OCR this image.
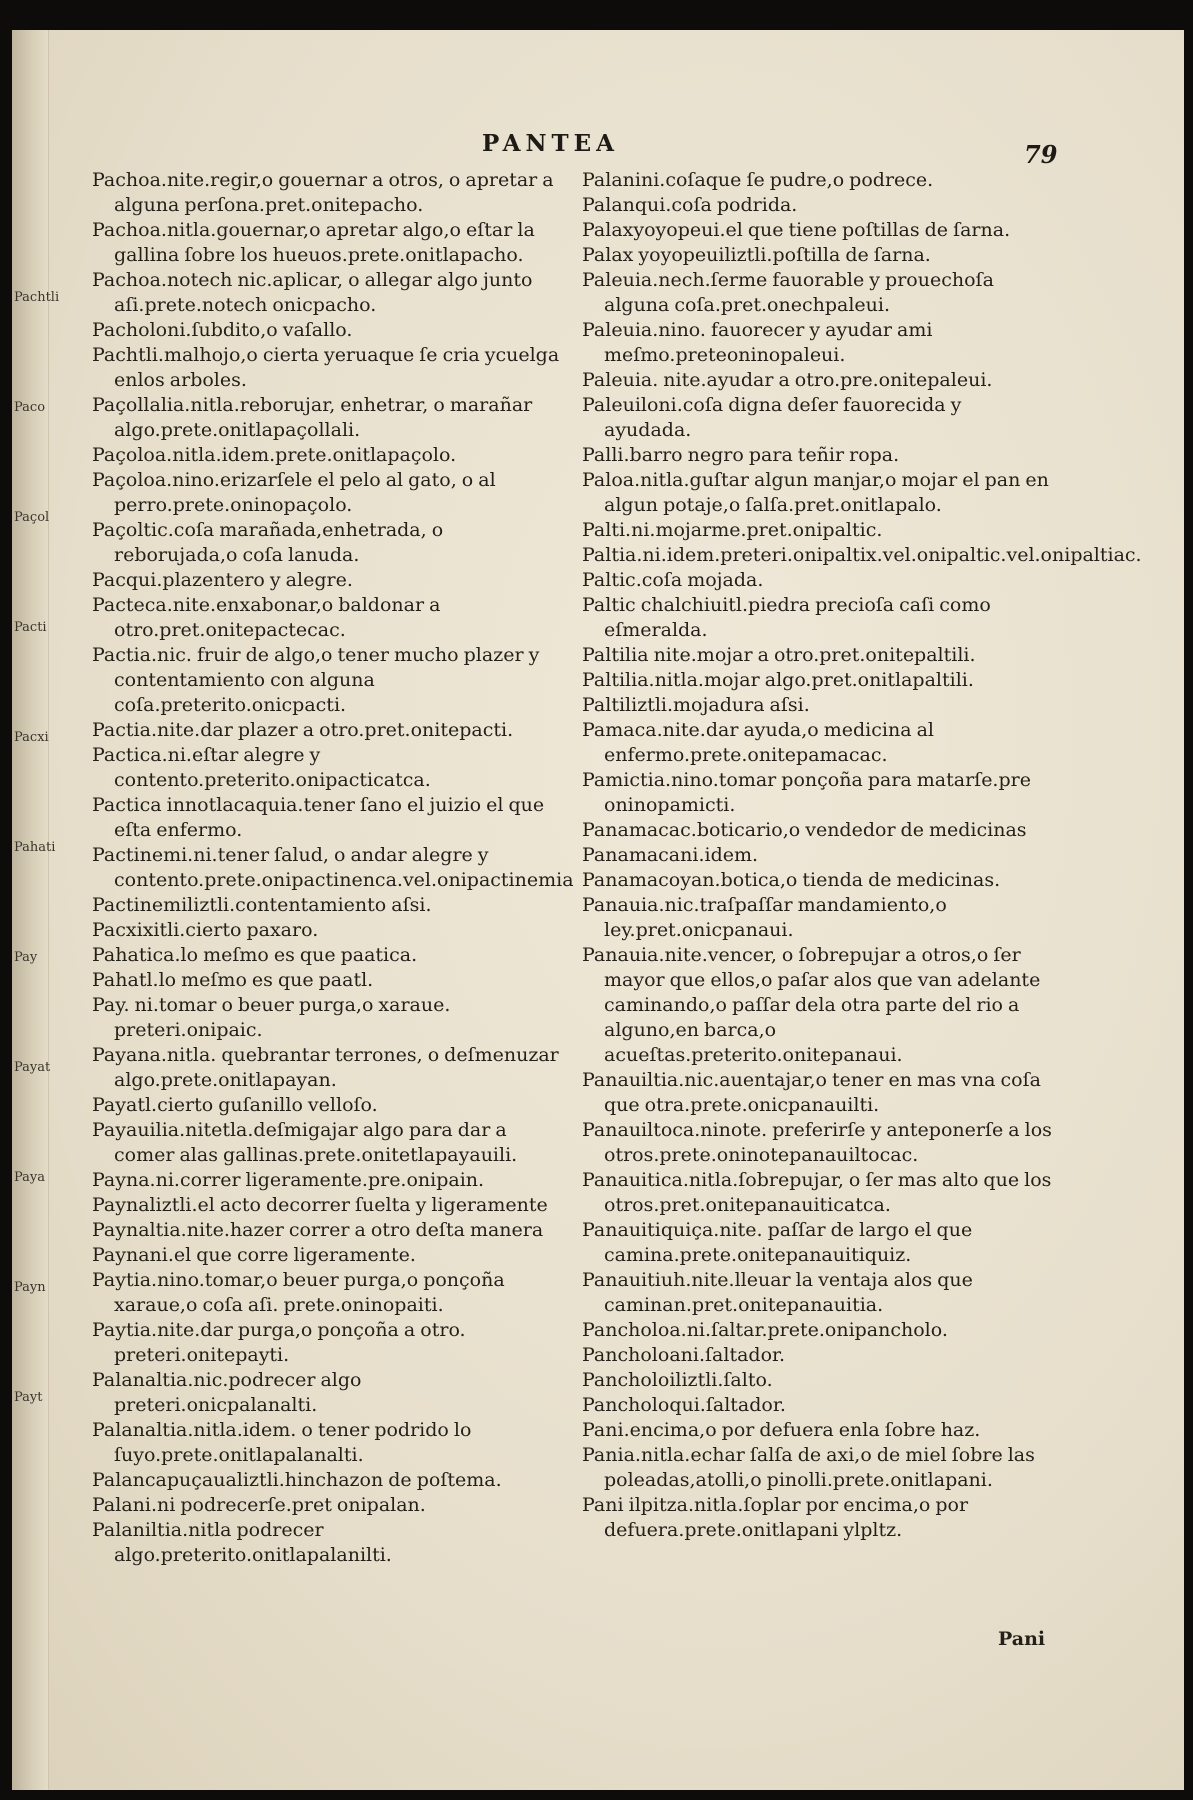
Pachtli
Paco
Paçol
Pacti
Pacxi
Pahati
Pay
Payat
Paya
Payn
Payt
PANTEA	79

Pachoa.nite.regir,o gouernar a otros, o apretar a alguna perſona.pret.onitepacho.

Pachoa.nitla.gouernar,o apretar algo,o eſtar la gallina ſobre los hueuos.prete.onitlapacho.

Pachoa.notech nic.aplicar, o allegar algo junto aſi.prete.notech onicpacho.

Pacholoni.ſubdito,o vaſallo.

Pachtli.malhojo,o cierta yeruaque ſe cria ycuelga enlos arboles.

Paçollalia.nitla.reborujar, enhetrar, o marañar algo.prete.onitlapaçollali.

Paçoloa.nitla.idem.prete.onitlapaçolo.

Paçoloa.nino.erizarſele el pelo al gato, o al perro.prete.oninopaçolo.

Paçoltic.coſa marañada,enhetrada, o reborujada,o coſa lanuda.

Pacqui.plazentero y alegre.

Pacteca.nite.enxabonar,o baldonar a otro.pret.onitepactecac.

Pactia.nic. fruir de algo,o tener mucho plazer y contentamiento con alguna coſa.preterito.onicpacti.

Pactia.nite.dar plazer a otro.pret.onitepacti.

Pactica.ni.eſtar alegre y contento.preterito.onipacticatca.

Pactica innotlacaquia.tener ſano el juizio el que eſta enfermo.

Pactinemi.ni.tener ſalud, o andar alegre y contento.prete.onipactinenca.vel.onipactinemia

Pactinemiliztli.contentamiento aſsi.

Pacxixitli.cierto paxaro.

Pahatica.lo meſmo es que paatica.

Pahatl.lo meſmo es que paatl.

Pay. ni.tomar o beuer purga,o xaraue. preteri.onipaic.

Payana.nitla. quebrantar terrones, o deſmenuzar algo.prete.onitlapayan.

Payatl.cierto guſanillo velloſo.

Payauilia.nitetla.deſmigajar algo para dar a comer alas gallinas.prete.onitetlapayauili.

Payna.ni.correr ligeramente.pre.onipain.

Paynaliztli.el acto decorrer ſuelta y ligeramente

Paynaltia.nite.hazer correr a otro deſta manera

Paynani.el que corre ligeramente.

Paytia.nino.tomar,o beuer purga,o ponçoña xaraue,o coſa aſi. prete.oninopaiti.

Paytia.nite.dar purga,o ponçoña a otro. preteri.onitepayti.

Palanaltia.nic.podrecer algo preteri.onicpalanalti.

Palanaltia.nitla.idem. o tener podrido lo ſuyo.prete.onitlapalanalti.

Palancapuçaualiztli.hinchazon de poſtema.

Palani.ni podrecerſe.pret onipalan.

Palaniltia.nitla podrecer algo.preterito.onitlapalanilti.

Palanini.coſaque ſe pudre,o podrece.

Palanqui.coſa podrida.

Palaxyoyopeui.el que tiene poſtillas de ſarna.

Palax yoyopeuiliztli.poſtilla de ſarna.

Paleuia.nech.ſerme fauorable y prouechoſa alguna coſa.pret.onechpaleui.

Paleuia.nino. fauorecer y ayudar ami meſmo.preteoninopaleui.

Paleuia. nite.ayudar a otro.pre.onitepaleui.

Paleuiloni.coſa digna deſer fauorecida y ayudada.

Palli.barro negro para teñir ropa.

Paloa.nitla.guſtar algun manjar,o mojar el pan en algun potaje,o ſalſa.pret.onitlapalo.

Palti.ni.mojarme.pret.onipaltic.

Paltia.ni.idem.preteri.onipaltix.vel.onipaltic.vel.onipaltiac.

Paltic.coſa mojada.

Paltic chalchiuitl.piedra precioſa caſi como eſmeralda.

Paltilia nite.mojar a otro.pret.onitepaltili.

Paltilia.nitla.mojar algo.pret.onitlapaltili.

Paltiliztli.mojadura aſsi.

Pamaca.nite.dar ayuda,o medicina al enfermo.prete.onitepamacac.

Pamictia.nino.tomar ponçoña para matarſe.pre oninopamicti.

Panamacac.boticario,o vendedor de medicinas

Panamacani.idem.

Panamacoyan.botica,o tienda de medicinas.

Panauia.nic.traſpaſſar mandamiento,o ley.pret.onicpanaui.

Panauia.nite.vencer, o ſobrepujar a otros,o ſer mayor que ellos,o paſar alos que van adelante caminando,o paſſar dela otra parte del rio a alguno,en barca,o acueſtas.preterito.onitepanaui.

Panauiltia.nic.auentajar,o tener en mas vna coſa que otra.prete.onicpanauilti.

Panauiltoca.ninote. preferirſe y anteponerſe a los otros.prete.oninotepanauiltocac.

Panauitica.nitla.ſobrepujar, o ſer mas alto que los otros.pret.onitepanauiticatca.

Panauitiquiça.nite. paſſar de largo el que camina.prete.onitepanauitiquiz.

Panauitiuh.nite.lleuar la ventaja alos que caminan.pret.onitepanauitia.

Pancholoa.ni.ſaltar.prete.onipancholo.

Pancholoani.ſaltador.

Pancholoiliztli.ſalto.

Pancholoqui.ſaltador.

Pani.encima,o por defuera enla ſobre haz.

Pania.nitla.echar ſalſa de axi,o de miel ſobre las poleadas,atolli,o pinolli.prete.onitlapani.

Pani ilpitza.nitla.ſoplar por encima,o por defuera.prete.onitlapani ylpltz.

Pani
